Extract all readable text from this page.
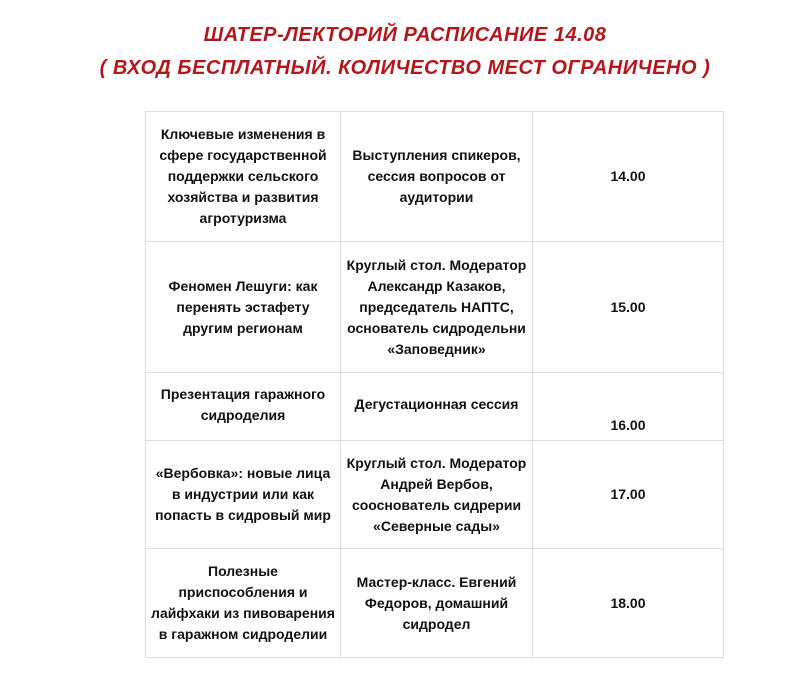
ШАТЕР-ЛЕКТОРИЙ РАСПИСАНИЕ 14.08
( ВХОД БЕСПЛАТНЫЙ. КОЛИЧЕСТВО МЕСТ ОГРАНИЧЕНО )
Ключевые изменения в сфере государственной поддержки сельского хозяйства и развития агротуризма	Выступления спикеров, сессия вопросов от аудитории	14.00
Феномен Лешуги: как перенять эстафету другим регионам	Круглый стол. Модератор Александр Казаков, председатель НАПТС, основатель сидродельни «Заповедник»	15.00
Презентация гаражного сидроделия	Дегустационная сессия	16.00
«Вербовка»: новые лица в индустрии или как попасть в сидровый мир	Круглый стол. Модератор Андрей Вербов, сооснователь сидрерии «Северные сады»	17.00
Полезные приспособления и лайфхаки из пивоварения в гаражном сидроделии	Мастер-класс. Евгений Федоров, домашний сидродел	18.00
